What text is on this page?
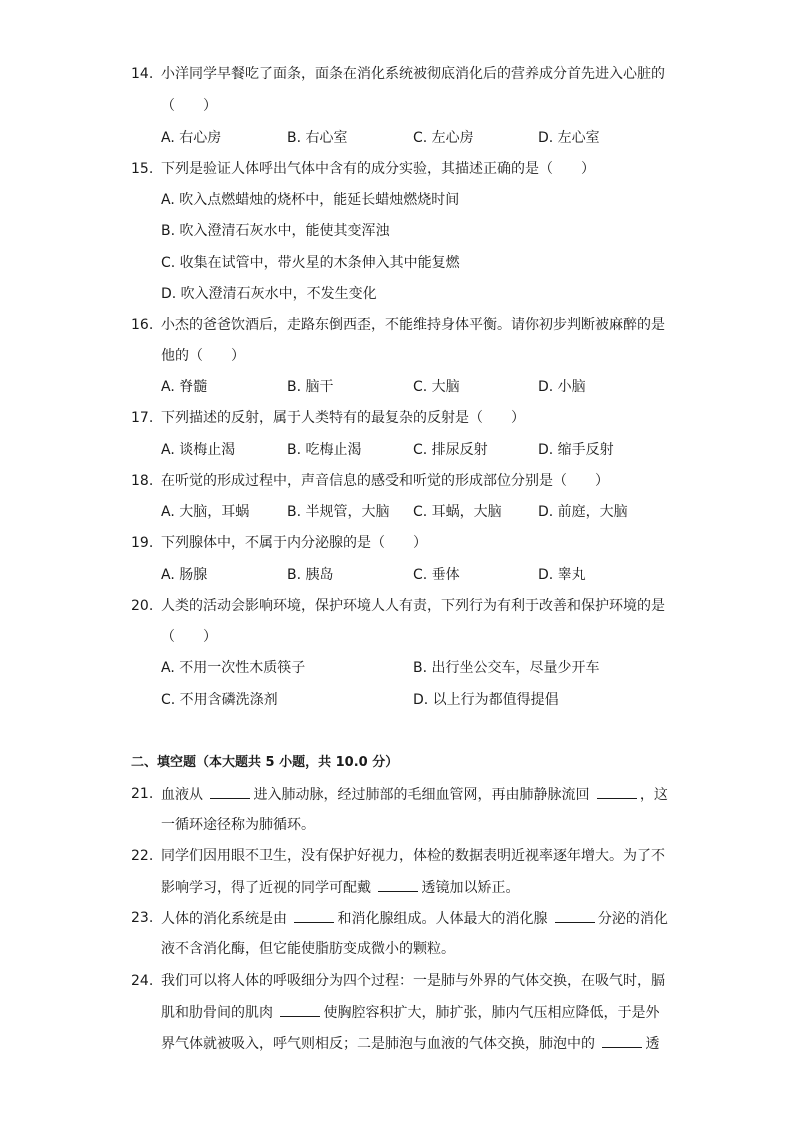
14. 小洋同学早餐吃了面条，面条在消化系统被彻底消化后的营养成分首先进入心脏的
（　　）
A. 右心房	B. 右心室	C. 左心房	D. 左心室
15. 下列是验证人体呼出气体中含有的成分实验，其描述正确的是（　　）
A. 吹入点燃蜡烛的烧杯中，能延长蜡烛燃烧时间
B. 吹入澄清石灰水中，能使其变浑浊
C. 收集在试管中，带火星的木条伸入其中能复燃
D. 吹入澄清石灰水中，不发生变化
16. 小杰的爸爸饮酒后，走路东倒西歪，不能维持身体平衡。请你初步判断被麻醉的是
他的（　　）
A. 脊髓	B. 脑干	C. 大脑	D. 小脑
17. 下列描述的反射，属于人类特有的最复杂的反射是（　　）
A. 谈梅止渴	B. 吃梅止渴	C. 排尿反射	D. 缩手反射
18. 在听觉的形成过程中，声音信息的感受和听觉的形成部位分别是（　　）
A. 大脑，耳蜗	B. 半规管，大脑 C. 耳蜗，大脑	D. 前庭，大脑
19. 下列腺体中，不属于内分泌腺的是（　　）
A. 肠腺	B. 胰岛	C. 垂体	D. 睾丸
20. 人类的活动会影响环境，保护环境人人有责，下列行为有利于改善和保护环境的是
（　　）
A. 不用一次性木质筷子	B. 出行坐公交车，尽量少开车
C. 不用含磷洗涤剂	D. 以上行为都值得提倡
二、填空题（本大题共 5 小题，共 10.0 分）
21. 血液从	进入肺动脉，经过肺部的毛细血管网，再由肺静脉流回	，这
一循环途径称为肺循环。
22. 同学们因用眼不卫生，没有保护好视力，体检的数据表明近视率逐年增大。为了不
影响学习，得了近视的同学可配戴	透镜加以矫正。
23. 人体的消化系统是由	和消化腺组成。人体最大的消化腺	分泌的消化
液不含消化酶，但它能使脂肪变成微小的颗粒。
24. 我们可以将人体的呼吸细分为四个过程：一是肺与外界的气体交换，在吸气时，膈
肌和肋骨间的肌肉	使胸腔容积扩大，肺扩张，肺内气压相应降低，于是外
界气体就被吸入，呼气则相反；二是肺泡与血液的气体交换，肺泡中的	透
